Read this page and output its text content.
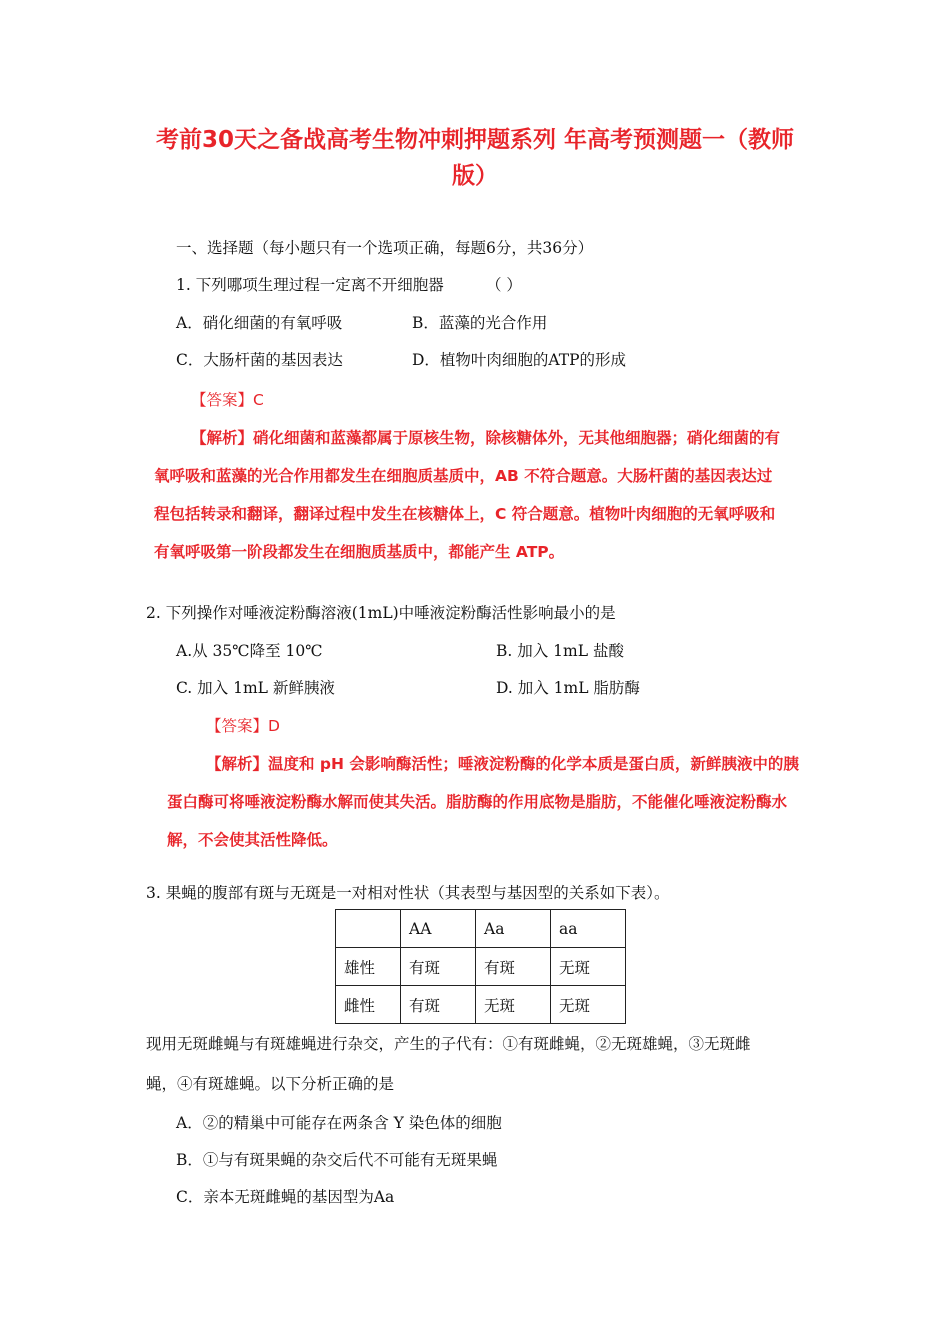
考前30天之备战高考生物冲刺押题系列 年高考预测题一（教师
版）
一、选择题（每小题只有一个选项正确，每题6分，共36分）
1. 下列哪项生理过程一定离不开细胞器	（ ）
A．硝化细菌的有氧呼吸	B．蓝藻的光合作用
C．大肠杆菌的基因表达	D．植物叶肉细胞的ATP的形成
【答案】C
【解析】硝化细菌和蓝藻都属于原核生物，除核糖体外，无其他细胞器；硝化细菌的有
氧呼吸和蓝藻的光合作用都发生在细胞质基质中，AB 不符合题意。大肠杆菌的基因表达过
程包括转录和翻译，翻译过程中发生在核糖体上，C 符合题意。植物叶肉细胞的无氧呼吸和
有氧呼吸第一阶段都发生在细胞质基质中，都能产生 ATP。
2. 下列操作对唾液淀粉酶溶液(1mL)中唾液淀粉酶活性影响最小的是
A.从 35℃降至 10℃	B. 加入 1mL 盐酸
C. 加入 1mL 新鲜胰液	D. 加入 1mL 脂肪酶
【答案】D
【解析】温度和 pH 会影响酶活性；唾液淀粉酶的化学本质是蛋白质，新鲜胰液中的胰
蛋白酶可将唾液淀粉酶水解而使其失活。脂肪酶的作用底物是脂肪，不能催化唾液淀粉酶水
解，不会使其活性降低。
3. 果蝇的腹部有斑与无斑是一对相对性状（其表型与基因型的关系如下表）。
	AA	Aa	aa
雄性	有斑	有斑	无斑
雌性	有斑	无斑	无斑
现用无斑雌蝇与有斑雄蝇进行杂交，产生的子代有：①有斑雌蝇，②无斑雄蝇，③无斑雌
蝇，④有斑雄蝇。以下分析正确的是
A．②的精巢中可能存在两条含 Y 染色体的细胞
B．①与有斑果蝇的杂交后代不可能有无斑果蝇
C．亲本无斑雌蝇的基因型为Aa
